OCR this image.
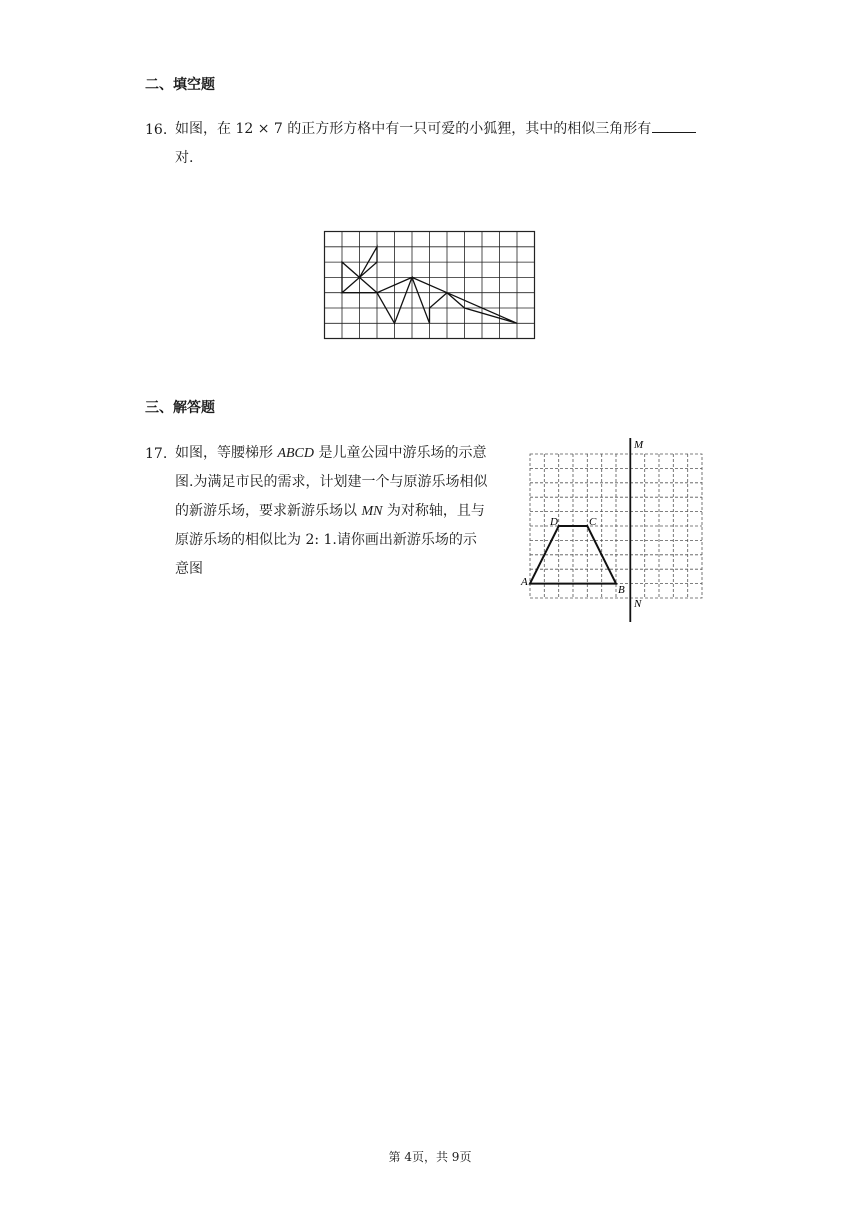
二、填空题
16. 如图，在 12 × 7 的正方形方格中有一只可爱的小狐狸，其中的相似三角形有
对.
三、解答题
17. 如图，等腰梯形 ABCD 是儿童公园中游乐场的示意
图.为满足市民的需求，计划建一个与原游乐场相似
的新游乐场，要求新游乐场以 MN 为对称轴，且与
原游乐场的相似比为 2: 1.请你画出新游乐场的示
意图
M
N
D	C
A
B
第 4页，共 9页
